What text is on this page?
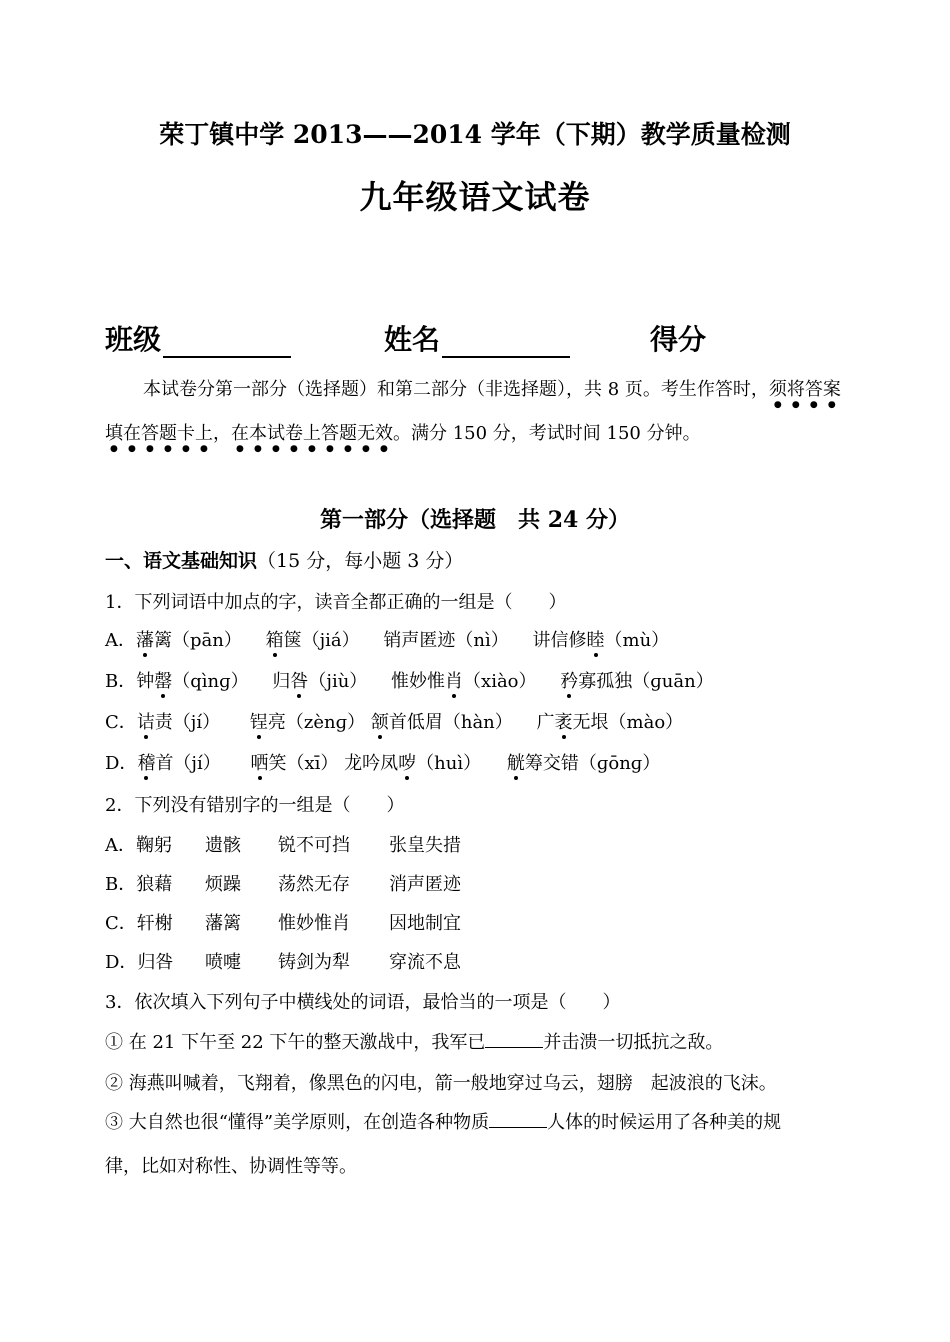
荣丁镇中学 2013——2014 学年（下期）教学质量检测
九年级语文试卷
班级	姓名	得分
本试卷分第一部分（选择题）和第二部分（非选择题），共 8 页。考生作答时，须将答案填在答题卡上，在本试卷上答题无效。满分 150 分，考试时间 150 分钟。
第一部分（选择题　共 24 分）
一、语文基础知识（15 分，每小题 3 分）
1．下列词语中加点的字，读音全都正确的一组是（　　）
A．藩篱（pān） 箱箧（jiá） 销声匿迹（nì） 讲信修睦（mù）
B．钟罄（qìnɡ） 归咎（jiù） 惟妙惟肖（xiào） 矜寡孤独（ɡuān）
C．诘责（jí） 锃亮（zènɡ） 颔首低眉（hàn） 广袤无垠（mào）
D．稽首（jí） 哂笑（xī） 龙吟凤哕（huì） 觥筹交错（ɡōnɡ）
2．下列没有错别字的一组是（　　）
A．鞠躬 遗骸 锐不可挡 张皇失措
B．狼藉 烦躁 荡然无存 消声匿迹
C．轩榭 藩篱 惟妙惟肖 因地制宜
D．归咎 喷嚏 铸剑为犁 穿流不息
3．依次填入下列句子中横线处的词语，最恰当的一项是（　　）
① 在 21 下午至 22 下午的整天激战中，我军已	并击溃一切抵抗之敌。
② 海燕叫喊着，飞翔着，像黑色的闪电，箭一般地穿过乌云，翅膀　起波浪的飞沫。
③ 大自然也很“懂得”美学原则，在创造各种物质	人体的时候运用了各种美的规
律，比如对称性、协调性等等。
